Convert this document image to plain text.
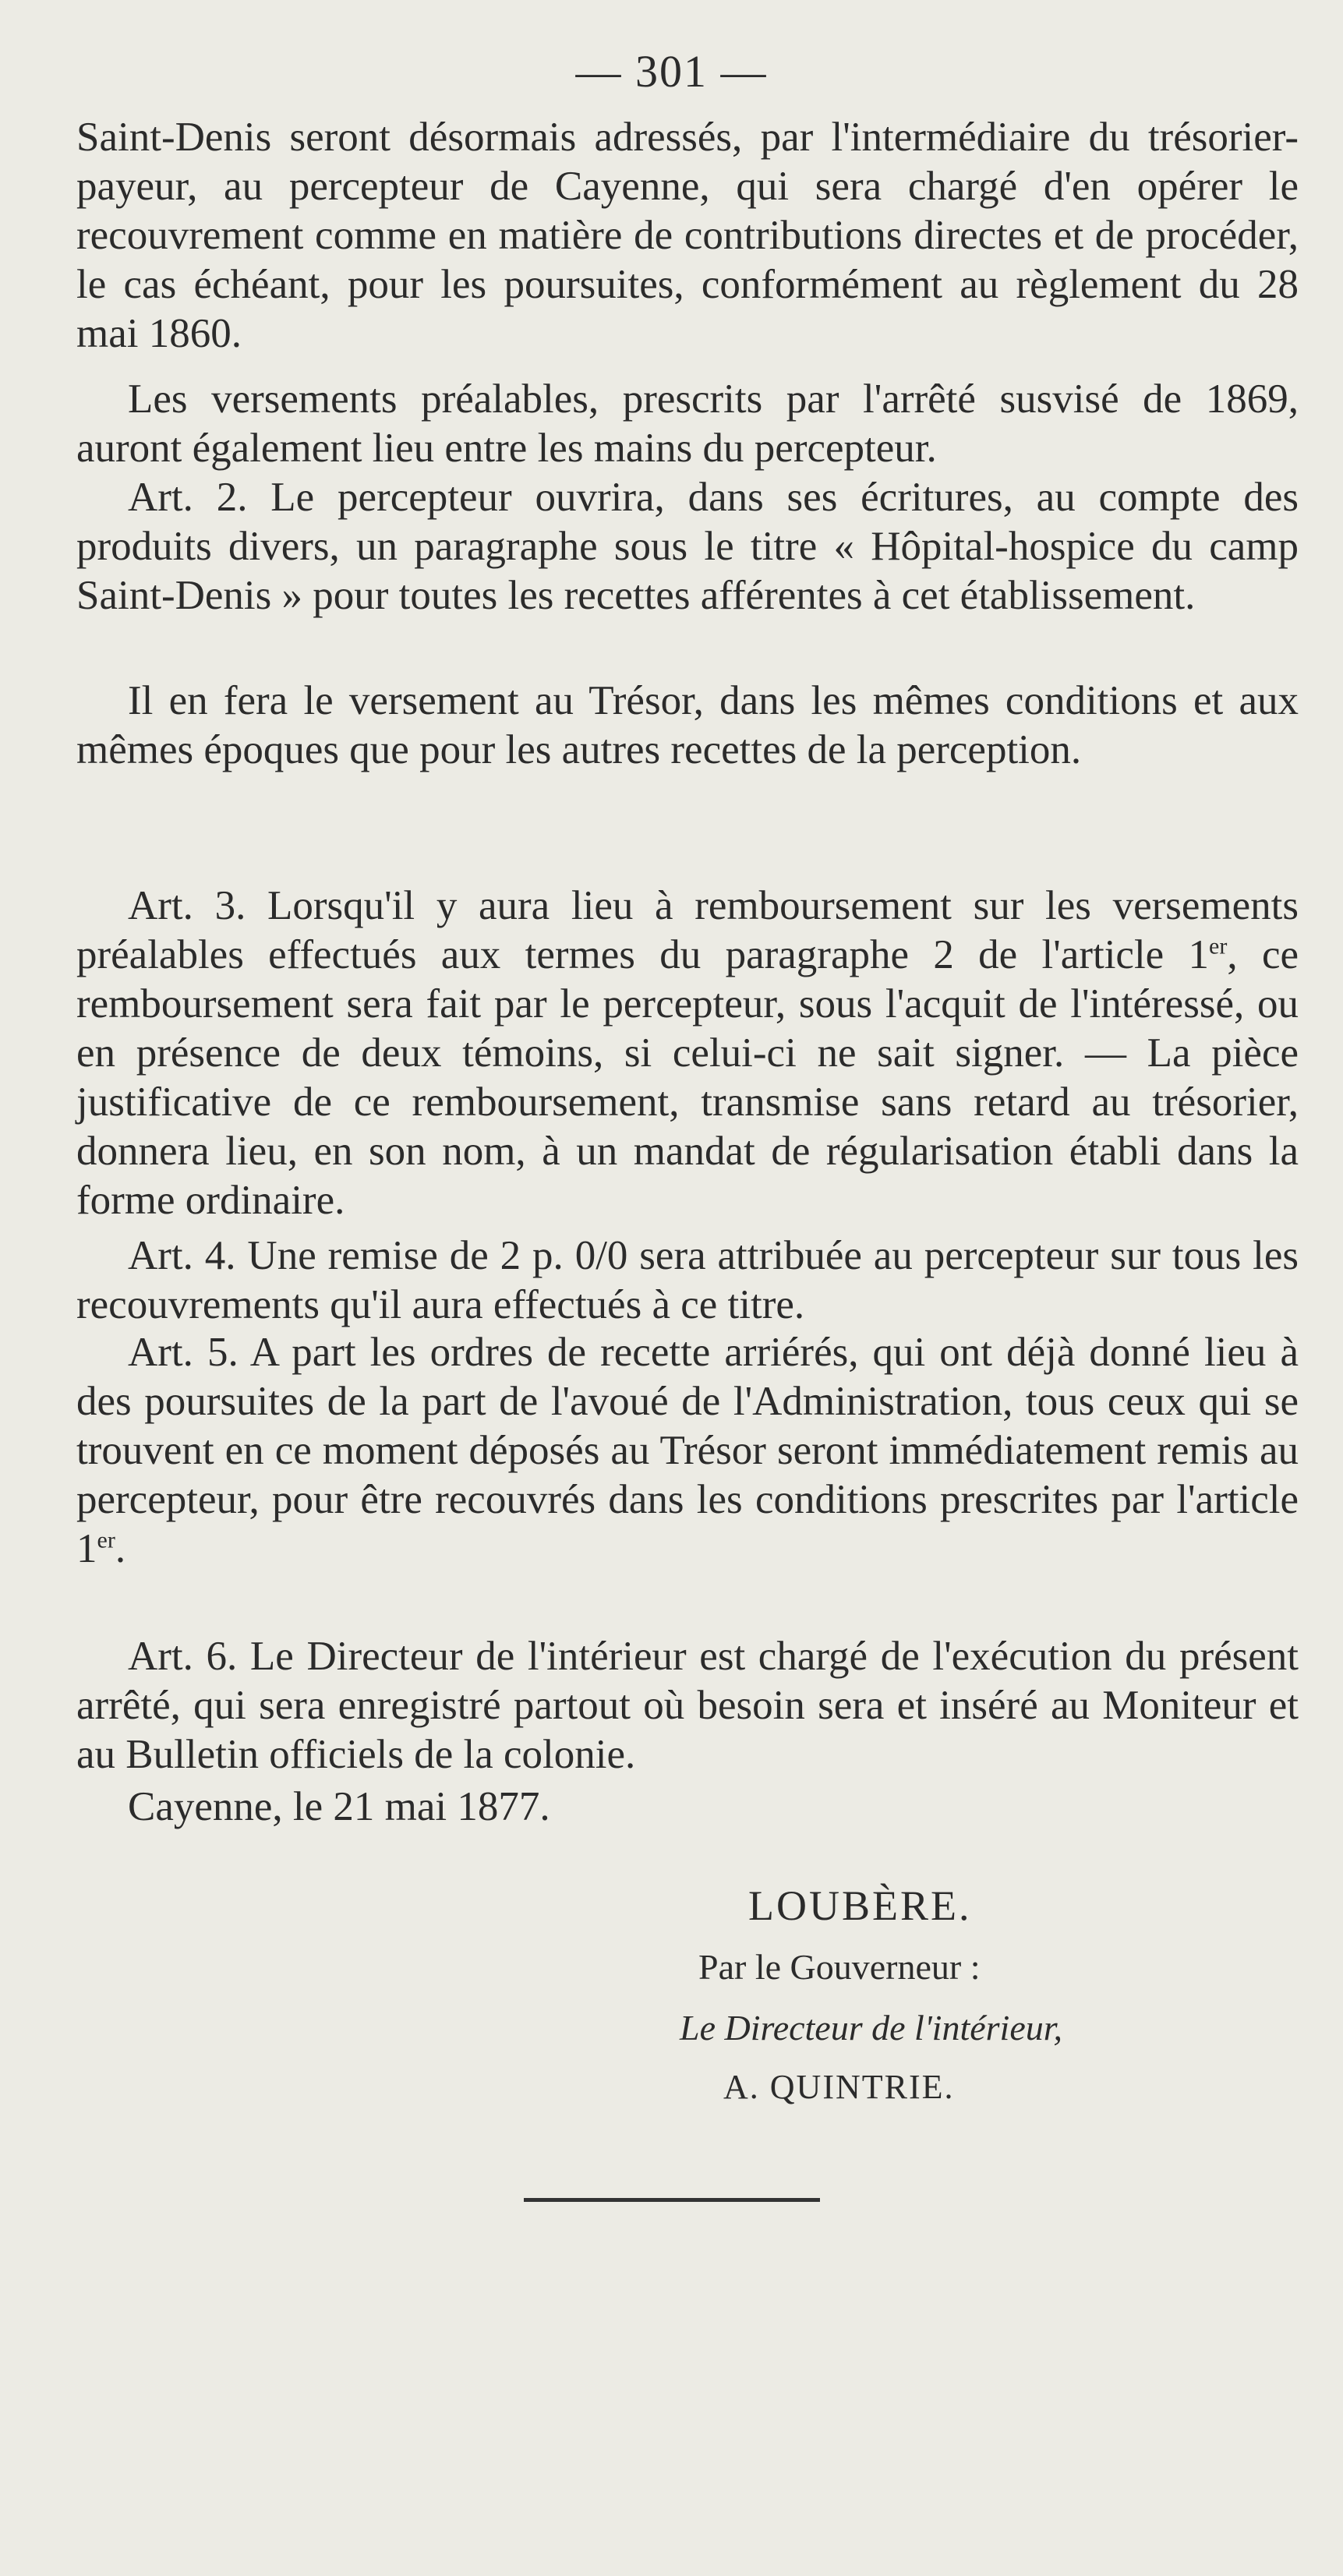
— 301 —

Saint-Denis seront désormais adressés, par l'intermédiaire du trésorier-payeur, au percepteur de Cayenne, qui sera chargé d'en opérer le recouvrement comme en matière de contributions directes et de procéder, le cas échéant, pour les poursuites, conformément au règlement du 28 mai 1860.

Les versements préalables, prescrits par l'arrêté susvisé de 1869, auront également lieu entre les mains du percepteur.

Art. 2. Le percepteur ouvrira, dans ses écritures, au compte des produits divers, un paragraphe sous le titre « Hôpital-hospice du camp Saint-Denis » pour toutes les recettes afférentes à cet établissement.

Il en fera le versement au Trésor, dans les mêmes conditions et aux mêmes époques que pour les autres recettes de la perception.

Art. 3. Lorsqu'il y aura lieu à remboursement sur les versements préalables effectués aux termes du paragraphe 2 de l'article 1er, ce remboursement sera fait par le percepteur, sous l'acquit de l'intéressé, ou en présence de deux témoins, si celui-ci ne sait signer. — La pièce justificative de ce remboursement, transmise sans retard au trésorier, donnera lieu, en son nom, à un mandat de régularisation établi dans la forme ordinaire.

Art. 4. Une remise de 2 p. 0/0 sera attribuée au percepteur sur tous les recouvrements qu'il aura effectués à ce titre.

Art. 5. A part les ordres de recette arriérés, qui ont déjà donné lieu à des poursuites de la part de l'avoué de l'Administration, tous ceux qui se trouvent en ce moment déposés au Trésor seront immédiatement remis au percepteur, pour être recouvrés dans les conditions prescrites par l'article 1er.

Art. 6. Le Directeur de l'intérieur est chargé de l'exécution du présent arrêté, qui sera enregistré partout où besoin sera et inséré au Moniteur et au Bulletin officiels de la colonie.

Cayenne, le 21 mai 1877.

LOUBÈRE.
Par le Gouverneur :
Le Directeur de l'intérieur,
A. QUINTRIE.
